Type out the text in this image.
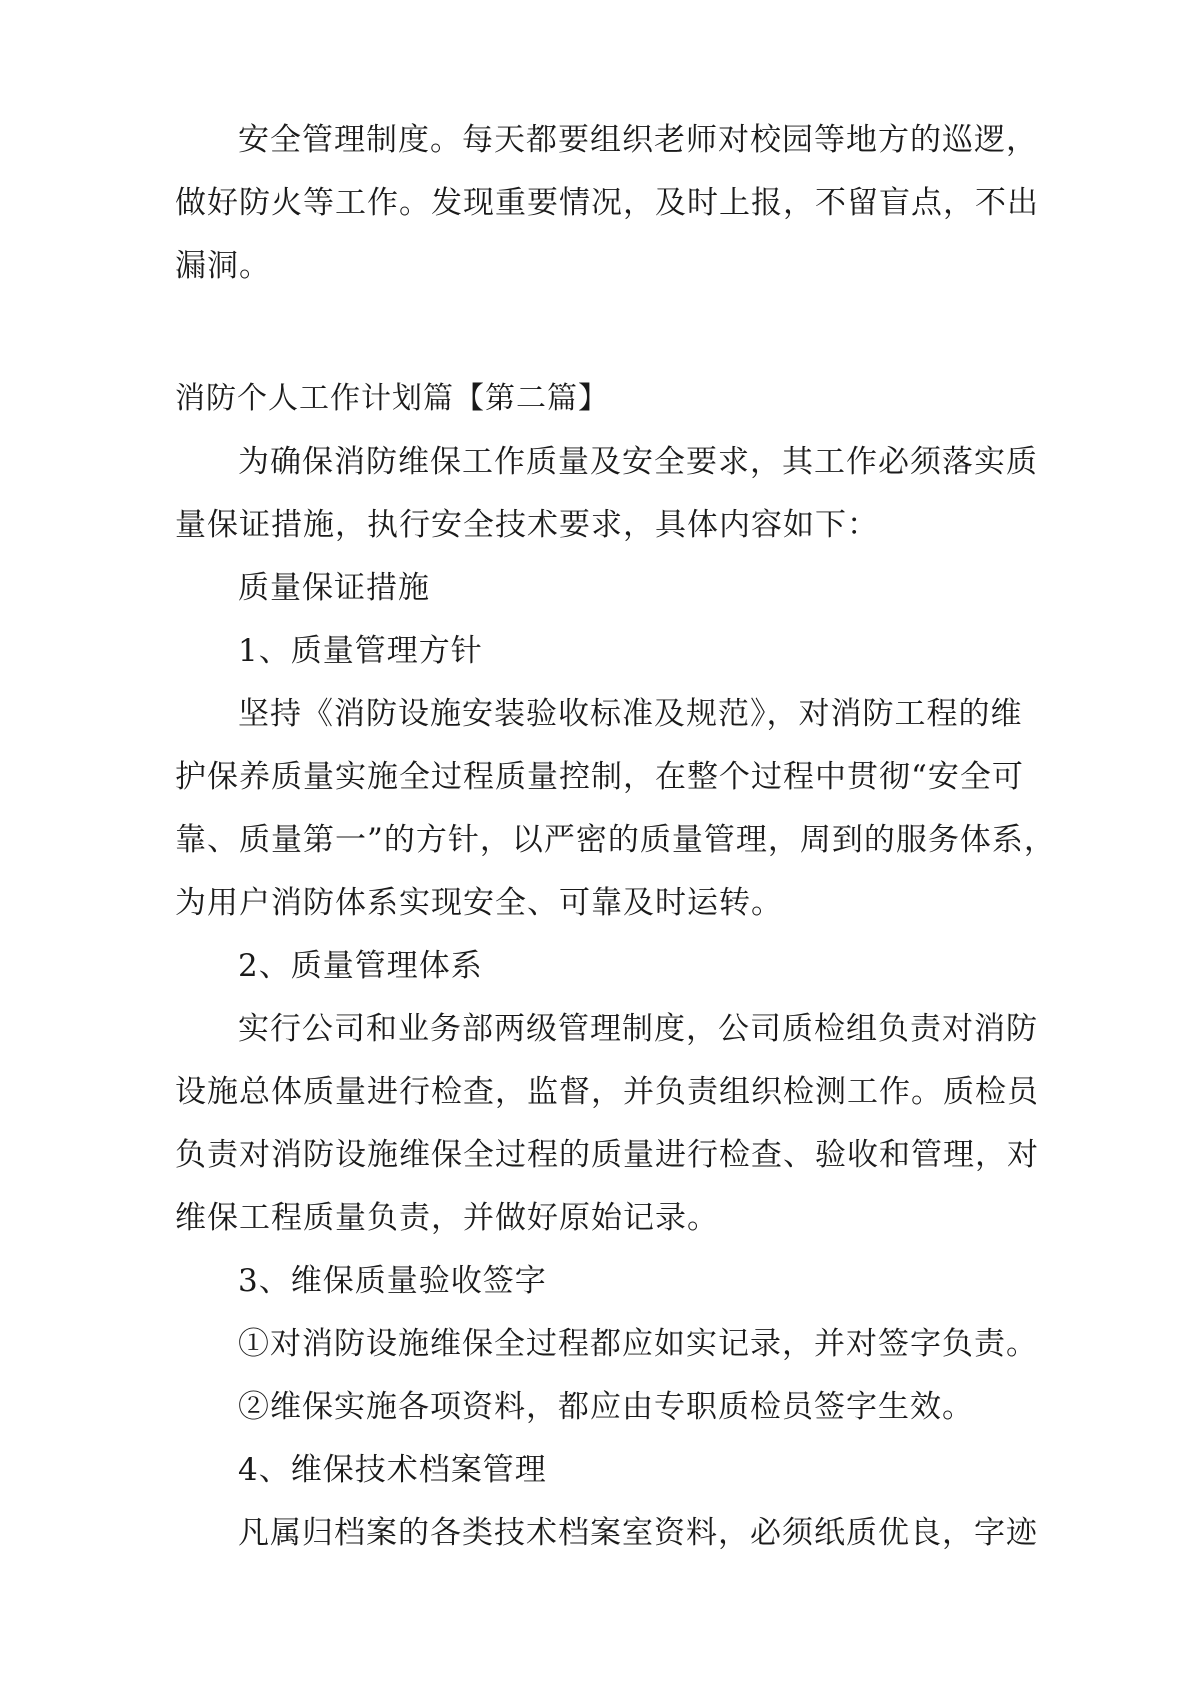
安全管理制度。每天都要组织老师对校园等地方的巡逻，
做好防火等工作。发现重要情况，及时上报，不留盲点，不出
漏洞。
消防个人工作计划篇【第二篇】
为确保消防维保工作质量及安全要求，其工作必须落实质
量保证措施，执行安全技术要求，具体内容如下：
质量保证措施
1、质量管理方针
坚持《消防设施安装验收标准及规范》，对消防工程的维
护保养质量实施全过程质量控制，在整个过程中贯彻“安全可
靠、质量第一”的方针，以严密的质量管理，周到的服务体系，
为用户消防体系实现安全、可靠及时运转。
2、质量管理体系
实行公司和业务部两级管理制度，公司质检组负责对消防
设施总体质量进行检查，监督，并负责组织检测工作。质检员
负责对消防设施维保全过程的质量进行检查、验收和管理，对
维保工程质量负责，并做好原始记录。
3、维保质量验收签字
①对消防设施维保全过程都应如实记录，并对签字负责。
②维保实施各项资料，都应由专职质检员签字生效。
4、维保技术档案管理
凡属归档案的各类技术档案室资料，必须纸质优良，字迹
